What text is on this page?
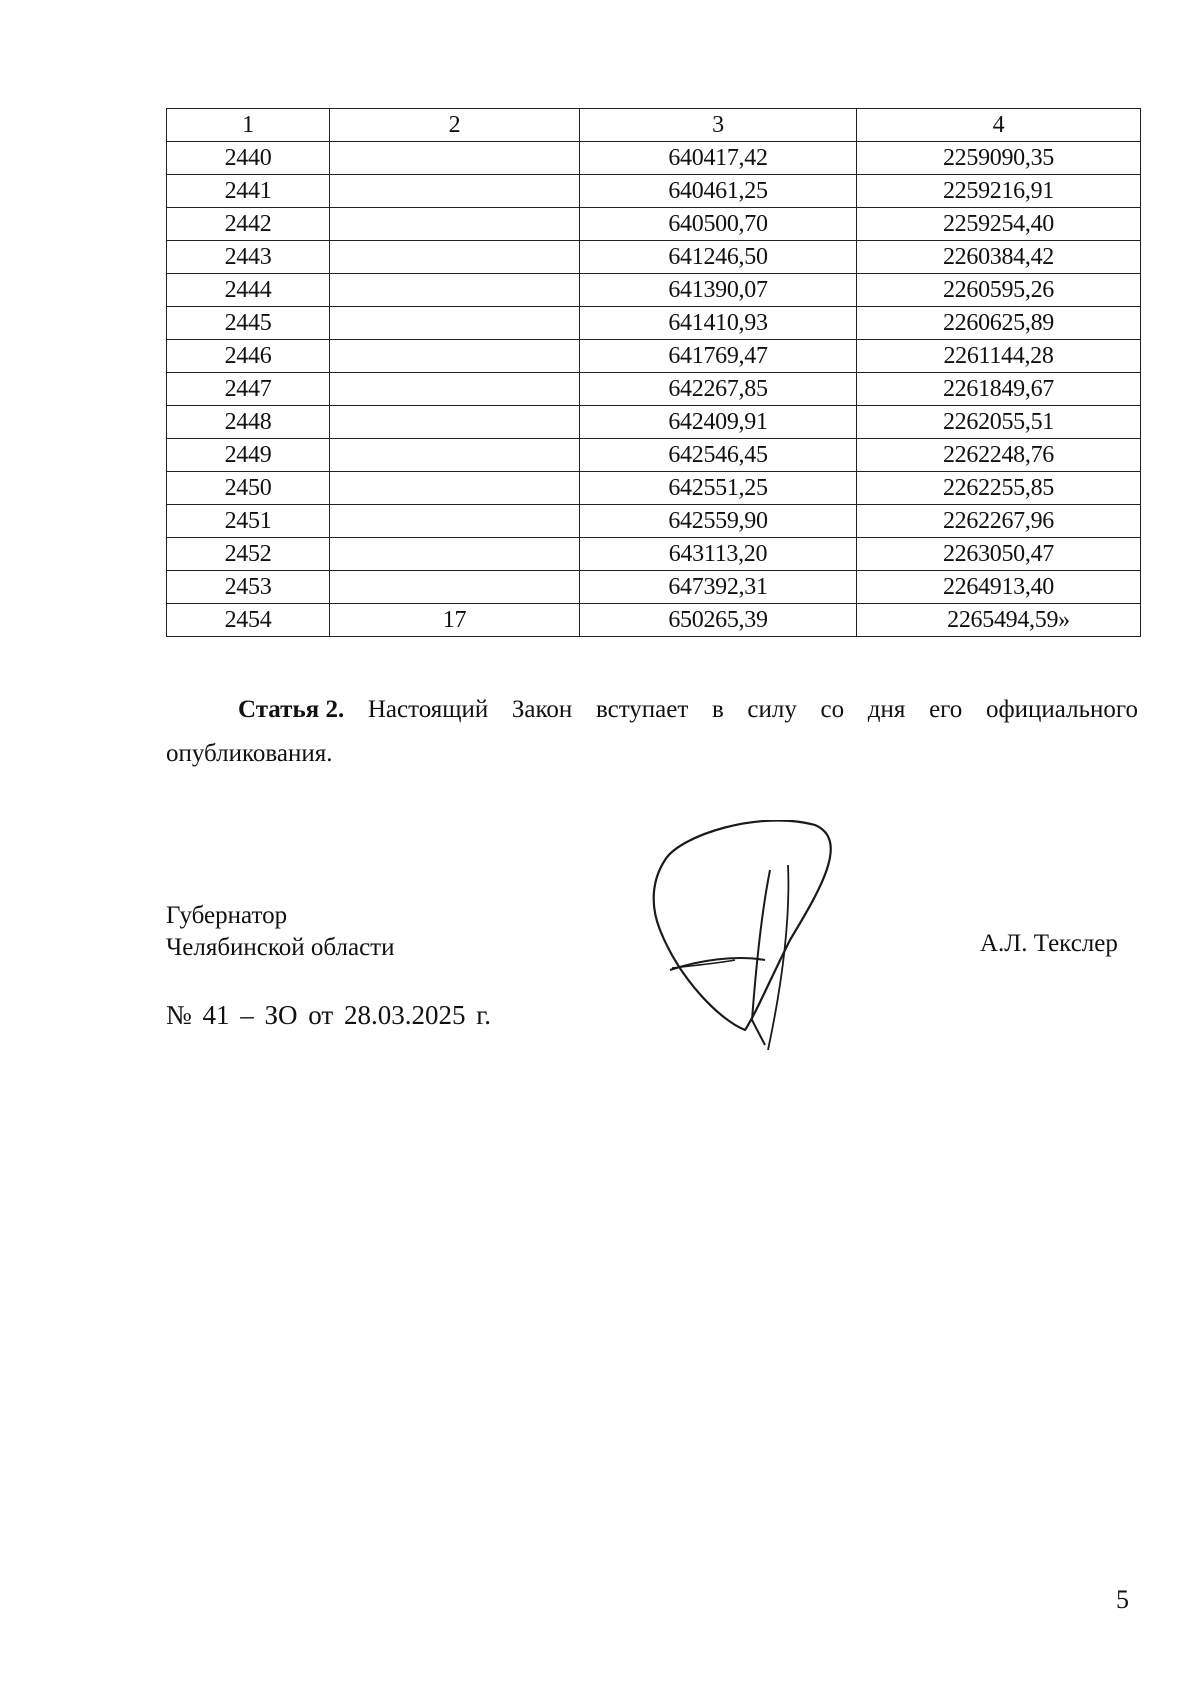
1	2	3	4
2440		640417,42	2259090,35
2441		640461,25	2259216,91
2442		640500,70	2259254,40
2443		641246,50	2260384,42
2444		641390,07	2260595,26
2445		641410,93	2260625,89
2446		641769,47	2261144,28
2447		642267,85	2261849,67
2448		642409,91	2262055,51
2449		642546,45	2262248,76
2450		642551,25	2262255,85
2451		642559,90	2262267,96
2452		643113,20	2263050,47
2453		647392,31	2264913,40
2454	17	650265,39	2265494,59»
Статья 2. Настоящий Закон вступает в силу со дня его официального
опубликования.
Губернатор
Челябинской области	А.Л. Текслер
№ 41 – ЗО от 28.03.2025 г.
5
